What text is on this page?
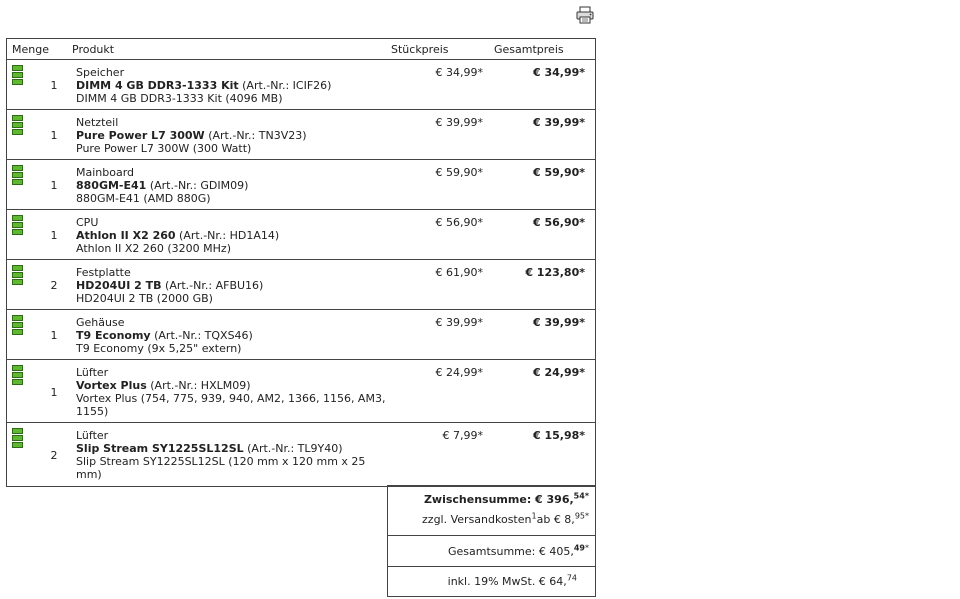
Menge Produkt	Stückpreis	Gesamtpreis
1
Speicher
DIMM 4 GB DDR3-1333 Kit (Art.-Nr.: ICIF26)
DIMM 4 GB DDR3-1333 Kit (4096 MB)
€ 34,99*	€ 34,99*
1
Netzteil
Pure Power L7 300W (Art.-Nr.: TN3V23)
Pure Power L7 300W (300 Watt)
€ 39,99*	€ 39,99*
1
Mainboard
880GM-E41 (Art.-Nr.: GDIM09)
880GM-E41 (AMD 880G)
€ 59,90*	€ 59,90*
1
CPU
Athlon II X2 260 (Art.-Nr.: HD1A14)
Athlon II X2 260 (3200 MHz)
€ 56,90*	€ 56,90*
2
Festplatte
HD204UI 2 TB (Art.-Nr.: AFBU16)
HD204UI 2 TB (2000 GB)
€ 61,90*	€ 123,80*
1
Gehäuse
T9 Economy (Art.-Nr.: TQXS46)
T9 Economy (9x 5,25" extern)
€ 39,99*	€ 39,99*
1
Lüfter
Vortex Plus (Art.-Nr.: HXLM09)
Vortex Plus (754, 775, 939, 940, AM2, 1366, 1156, AM3, 1155)
€ 24,99*	€ 24,99*
2
Lüfter
Slip Stream SY1225SL12SL (Art.-Nr.: TL9Y40)
Slip Stream SY1225SL12SL (120 mm x 120 mm x 25 mm)
€ 7,99*	€ 15,98*
Zwischensumme: € 396,$^{54*}$
zzgl. Versandkosten$^1$ab € 8,$^{95*}$
Gesamtsumme: € 405,$^{49*}$
inkl. 19% MwSt. € 64,74
